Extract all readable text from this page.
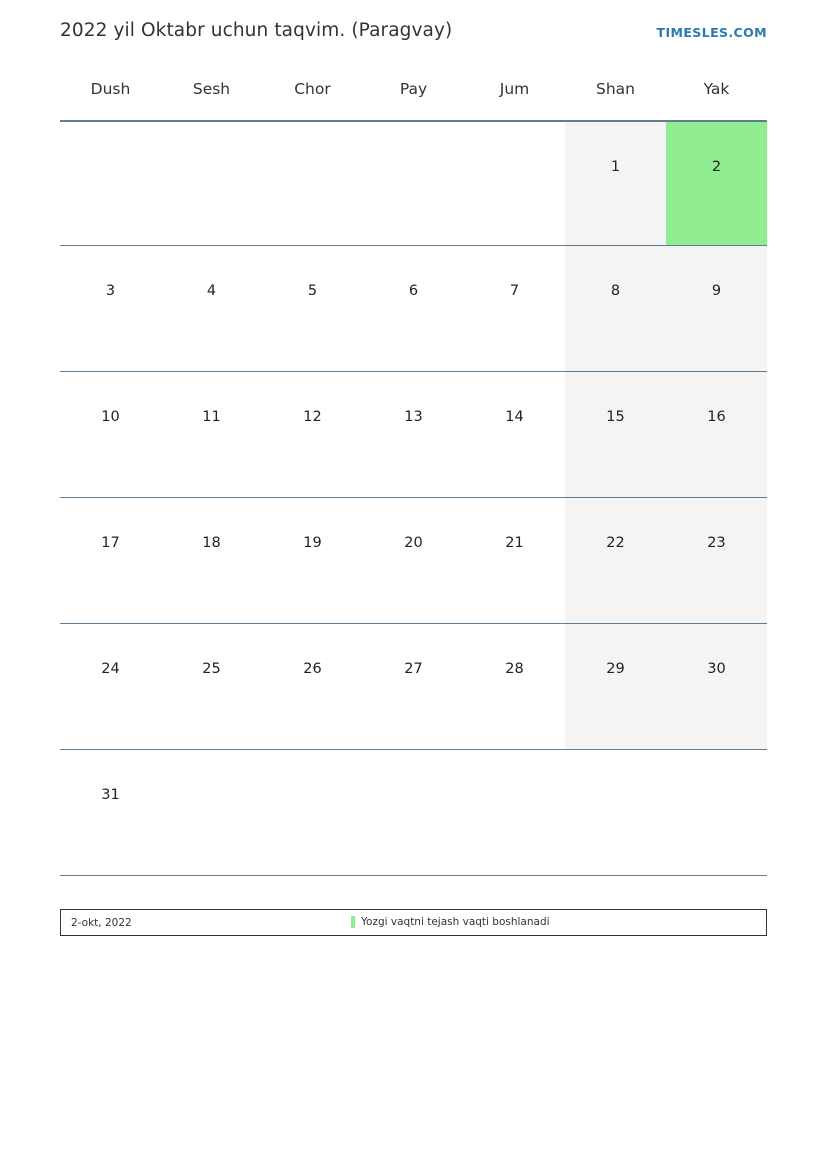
2022 yil Oktabr uchun taqvim. (Paragvay)	TIMESLES.COM
Dush	Sesh	Chor	Pay	Jum	Shan	Yak

					1	2

3	4	5	6	7	8	9

10	11	12	13	14	15	16

17	18	19	20	21	22	23

24	25	26	27	28	29	30

31						

2-okt, 2022	Yozgi vaqtni tejash vaqti boshlanadi
